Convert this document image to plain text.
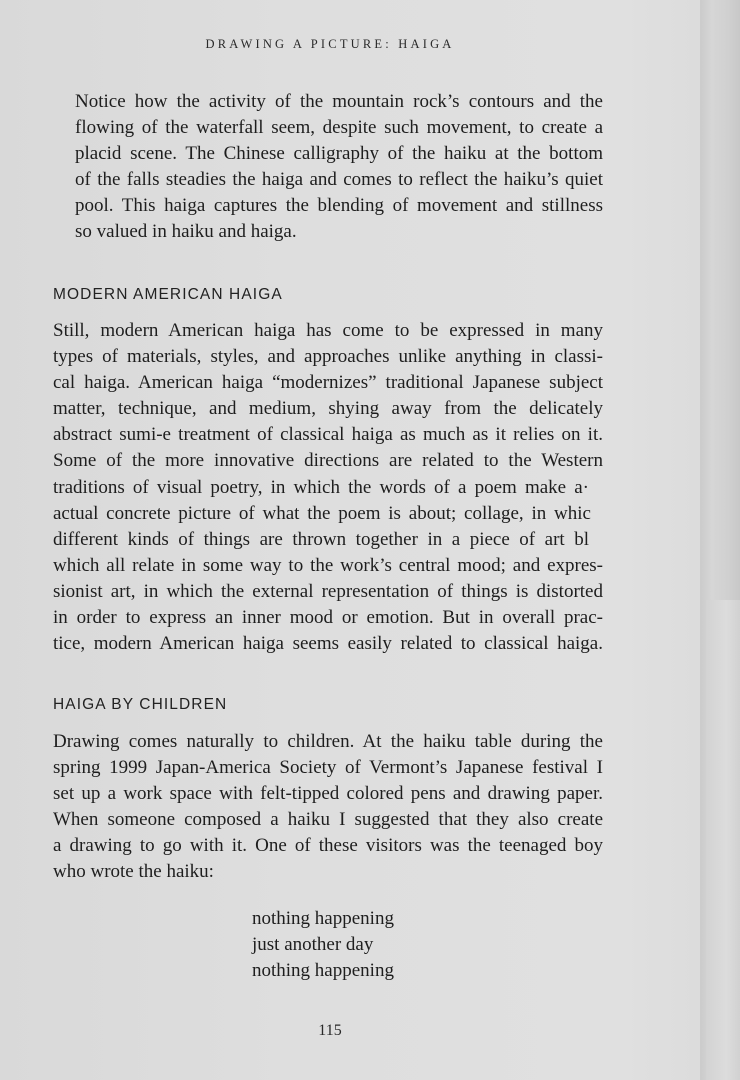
DRAWING A PICTURE: HAIGA
Notice how the activity of the mountain rock’s contours and the
flowing of the waterfall seem, despite such movement, to create a
placid scene. The Chinese calligraphy of the haiku at the bottom
of the falls steadies the haiga and comes to reflect the haiku’s quiet
pool. This haiga captures the blending of movement and stillness
so valued in haiku and haiga.
MODERN AMERICAN HAIGA
Still, modern American haiga has come to be expressed in many
types of materials, styles, and approaches unlike anything in classi-
cal haiga. American haiga “modernizes” traditional Japanese subject
matter, technique, and medium, shying away from the delicately
abstract sumi-e treatment of classical haiga as much as it relies on it.
Some of the more innovative directions are related to the Western
traditions of visual poetry, in which the words of a poem make a·
actual concrete picture of what the poem is about; collage, in whic
different kinds of things are thrown together in a piece of art bl
which all relate in some way to the work’s central mood; and expres-
sionist art, in which the external representation of things is distorted
in order to express an inner mood or emotion. But in overall prac-
tice, modern American haiga seems easily related to classical haiga.
HAIGA BY CHILDREN
Drawing comes naturally to children. At the haiku table during the
spring 1999 Japan-America Society of Vermont’s Japanese festival I
set up a work space with felt-tipped colored pens and drawing paper.
When someone composed a haiku I suggested that they also create
a drawing to go with it. One of these visitors was the teenaged boy
who wrote the haiku:
nothing happening
just another day
nothing happening
115
